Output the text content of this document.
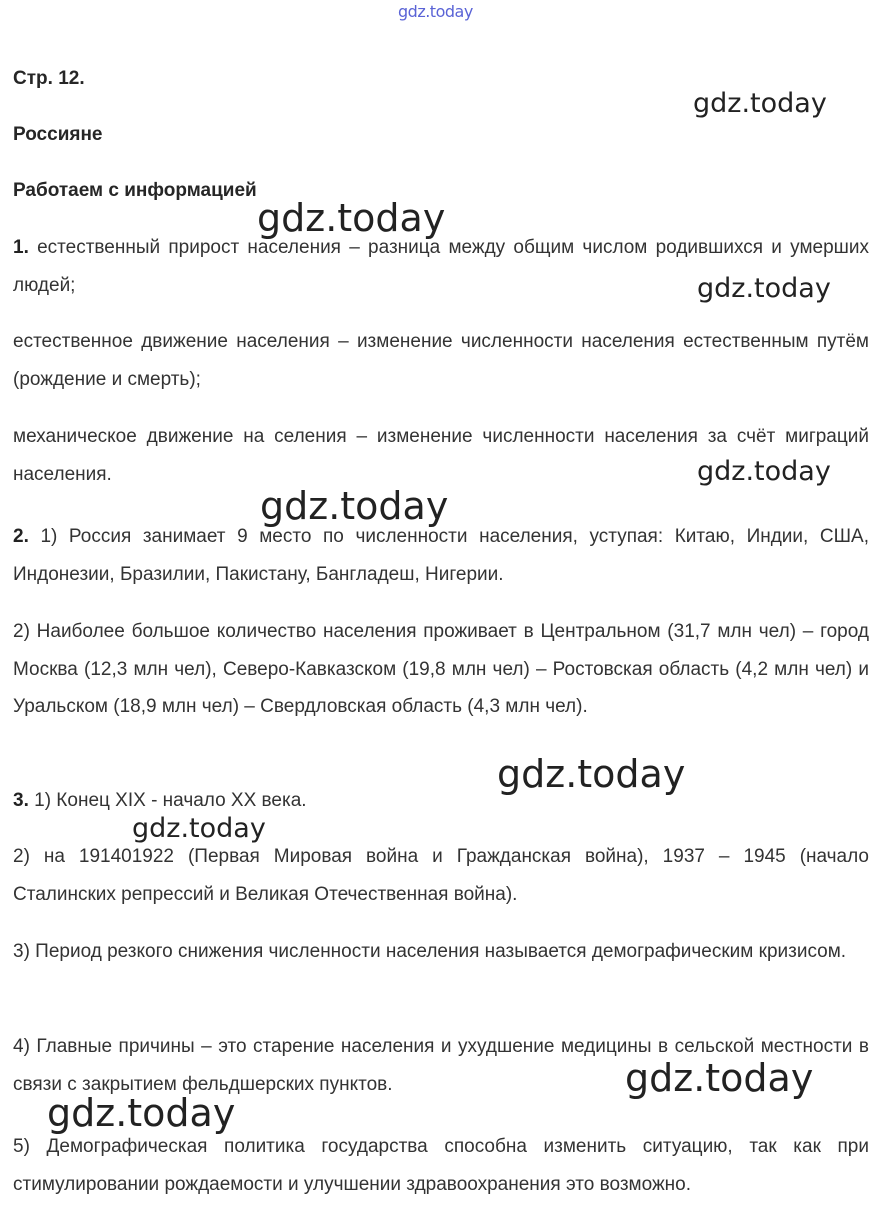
gdz.today
Стр. 12.
Россияне
Работаем с информацией

1. естественный прирост населения – разница между общим числом родившихся и умерших людей;

естественное движение населения – изменение численности населения естественным путём (рождение и смерть);

механическое движение на селения – изменение численности населения за счёт миграций населения.

2. 1) Россия занимает 9 место по численности населения, уступая: Китаю, Индии, США, Индонезии, Бразилии, Пакистану, Бангладеш, Нигерии.

2) Наиболее большое количество населения проживает в Центральном (31,7 млн чел) – город Москва (12,3 млн чел), Северо-Кавказском (19,8 млн чел) – Ростовская область (4,2 млн чел) и Уральском (18,9 млн чел) – Свердловская область (4,3 млн чел).

3. 1) Конец XIX - начало XX века.

2) на 191401922 (Первая Мировая война и Гражданская война), 1937 – 1945 (начало Сталинских репрессий и Великая Отечественная война).

3) Период резкого снижения численности населения называется демографическим кризисом.

4) Главные причины – это старение населения и ухудшение медицины в сельской местности в связи с закрытием фельдшерских пунктов.

5) Демографическая политика государства способна изменить ситуацию, так как при стимулировании рождаемости и улучшении здравоохранения это возможно.

gdz.today
gdz.today
gdz.today
gdz.today
gdz.today
gdz.today
gdz.today
gdz.today
gdz.today
